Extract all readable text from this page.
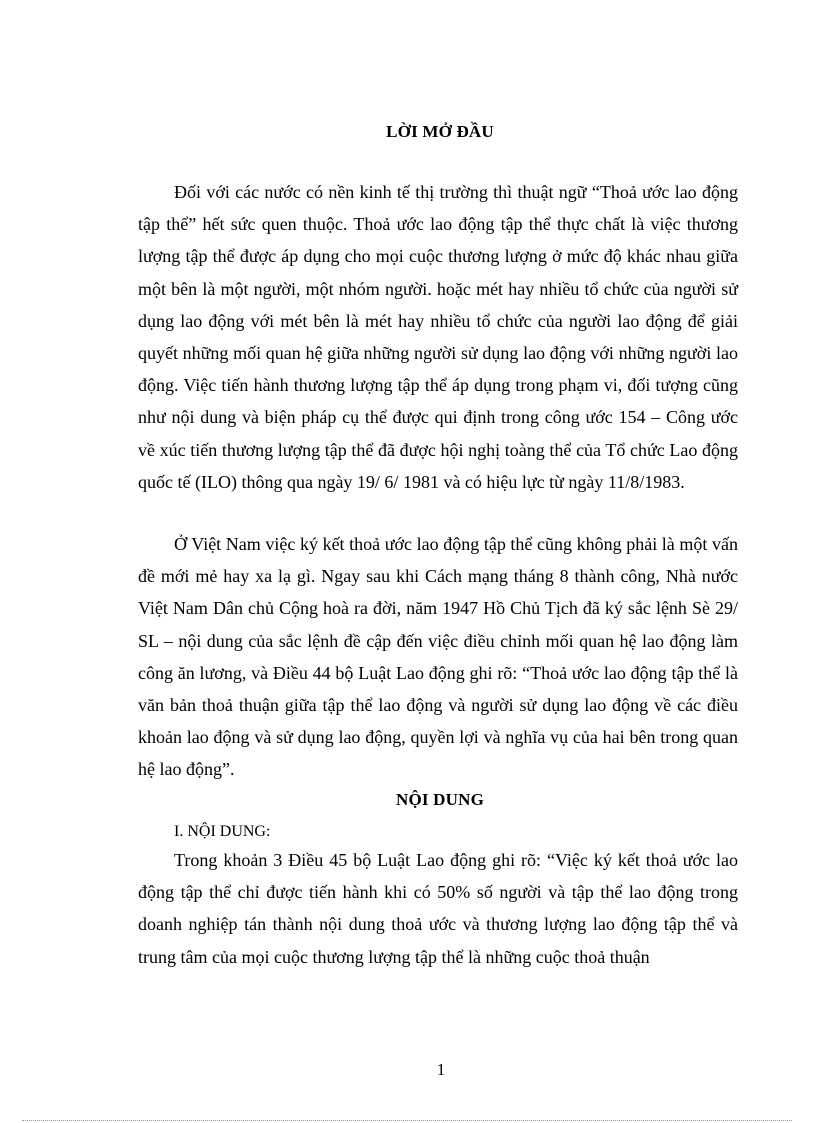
LỜI MỞ ĐẦU

Đối với các nước có nền kinh tế thị trường thì thuật ngữ “Thoả ước lao động tập thể” hết sức quen thuộc. Thoả ước lao động tập thể thực chất là việc thương lượng tập thể được áp dụng cho mọi cuộc thương lượng ở mức độ khác nhau giữa một bên là một người, một nhóm người. hoặc mét hay nhiều tổ chức của người sử dụng lao động với mét bên là mét hay nhiều tổ chức của người lao động để giải quyết những mối quan hệ giữa những người sử dụng lao động với những người lao động. Việc tiến hành thương lượng tập thể áp dụng trong phạm vi, đối tượng cũng như nội dung và biện pháp cụ thể được qui định trong công ước 154 – Công ước về xúc tiến thương lượng tập thể đã được hội nghị toàng thể của Tổ chức Lao động quốc tế (ILO) thông qua ngày 19/ 6/ 1981 và có hiệu lực từ ngày 11/8/1983.

Ở Việt Nam việc ký kết thoả ước lao động tập thể cũng không phải là một vấn đề mới mẻ hay xa lạ gì. Ngay sau khi Cách mạng tháng 8 thành công, Nhà nước Việt Nam Dân chủ Cộng hoà ra đời, năm 1947 Hồ Chủ Tịch đã ký sắc lệnh Sè 29/ SL – nội dung của sắc lệnh đề cập đến việc điều chỉnh mối quan hệ lao động làm công ăn lương, và Điều 44 bộ Luật Lao động ghi rõ: “Thoả ước lao động tập thể là văn bản thoả thuận giữa tập thể lao động và người sử dụng lao động về các điều khoản lao động và sử dụng lao động, quyền lợi và nghĩa vụ của hai bên trong quan hệ lao động”.

NỘI DUNG
I. NỘI DUNG:

Trong khoản 3 Điều 45 bộ Luật Lao động ghi rõ: “Việc ký kết thoả ước lao động tập thể chỉ được tiến hành khi có 50% số người và tập thể lao động trong doanh nghiệp tán thành nội dung thoả ước và thương lượng lao động tập thể và trung tâm của mọi cuộc thương lượng tập thể là những cuộc thoả thuận

1
